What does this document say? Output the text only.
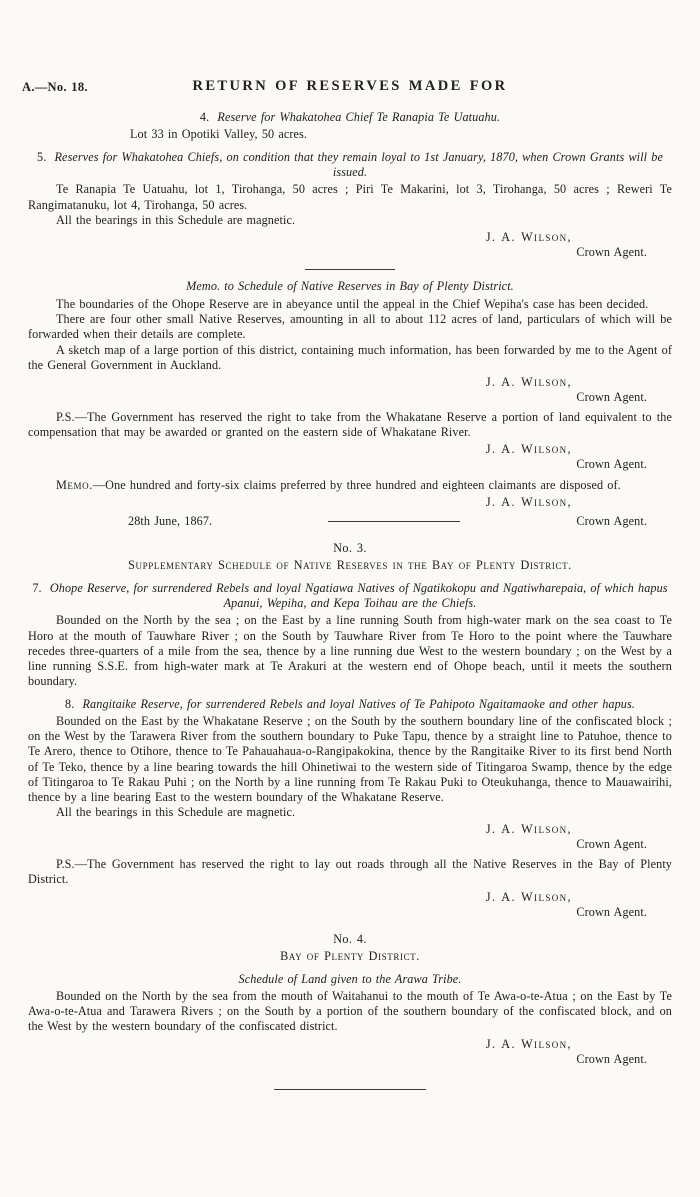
A.—No. 18.	RETURN OF RESERVES MADE FOR
4. Reserve for Whakatohea Chief Te Ranapia Te Uatuahu.

Lot 33 in Opotiki Valley, 50 acres.

5. Reserves for Whakatohea Chiefs, on condition that they remain loyal to 1st January, 1870, when Crown Grants will be issued.

Te Ranapia Te Uatuahu, lot 1, Tirohanga, 50 acres ; Piri Te Makarini, lot 3, Tirohanga, 50 acres ; Reweri Te Rangimatanuku, lot 4, Tirohanga, 50 acres.

All the bearings in this Schedule are magnetic.

J. A. Wilson,
Crown Agent.
Memo. to Schedule of Native Reserves in Bay of Plenty District.

The boundaries of the Ohope Reserve are in abeyance until the appeal in the Chief Wepiha's case has been decided.

There are four other small Native Reserves, amounting in all to about 112 acres of land, particulars of which will be forwarded when their details are complete.

A sketch map of a large portion of this district, containing much information, has been forwarded by me to the Agent of the General Government in Auckland.

J. A. Wilson,
Crown Agent.

P.S.—The Government has reserved the right to take from the Whakatane Reserve a portion of land equivalent to the compensation that may be awarded or granted on the eastern side of Whakatane River.

J. A. Wilson,
Crown Agent.

Memo.—One hundred and forty-six claims preferred by three hundred and eighteen claimants are disposed of.

J. A. Wilson,
28th June, 1867.	Crown Agent.
No. 3.
Supplementary Schedule of Native Reserves in the Bay of Plenty District.
7. Ohope Reserve, for surrendered Rebels and loyal Ngatiawa Natives of Ngatikokopu and Ngatiwharepaia, of which hapus Apanui, Wepiha, and Kepa Toihau are the Chiefs.

Bounded on the North by the sea ; on the East by a line running South from high-water mark on the sea coast to Te Horo at the mouth of Tauwhare River ; on the South by Tauwhare River from Te Horo to the point where the Tauwhare recedes three-quarters of a mile from the sea, thence by a line running due West to the western boundary ; on the West by a line running S.S.E. from high-water mark at Te Arakuri at the western end of Ohope beach, until it meets the southern boundary.

8. Rangitaike Reserve, for surrendered Rebels and loyal Natives of Te Pahipoto Ngaitamaoke and other hapus.

Bounded on the East by the Whakatane Reserve ; on the South by the southern boundary line of the confiscated block ; on the West by the Tarawera River from the southern boundary to Puke Tapu, thence by a straight line to Patuhoe, thence to Te Arero, thence to Otihore, thence to Te Pahauahaua-o-Rangipakokina, thence by the Rangitaike River to its first bend North of Te Teko, thence by a line bearing towards the hill Ohinetiwai to the western side of Titingaroa Swamp, thence by the edge of Titingaroa to Te Rakau Puhi ; on the North by a line running from Te Rakau Puki to Oteukuhanga, thence to Mauawairihi, thence by a line bearing East to the western boundary of the Whakatane Reserve.

All the bearings in this Schedule are magnetic.

J. A. Wilson,
Crown Agent.

P.S.—The Government has reserved the right to lay out roads through all the Native Reserves in the Bay of Plenty District.

J. A. Wilson,
Crown Agent.
No. 4.
Bay of Plenty District.
Schedule of Land given to the Arawa Tribe.

Bounded on the North by the sea from the mouth of Waitahanui to the mouth of Te Awa-o-te-Atua ; on the East by Te Awa-o-te-Atua and Tarawera Rivers ; on the South by a portion of the southern boundary of the confiscated block, and on the West by the western boundary of the confiscated district.

J. A. Wilson,
Crown Agent.
